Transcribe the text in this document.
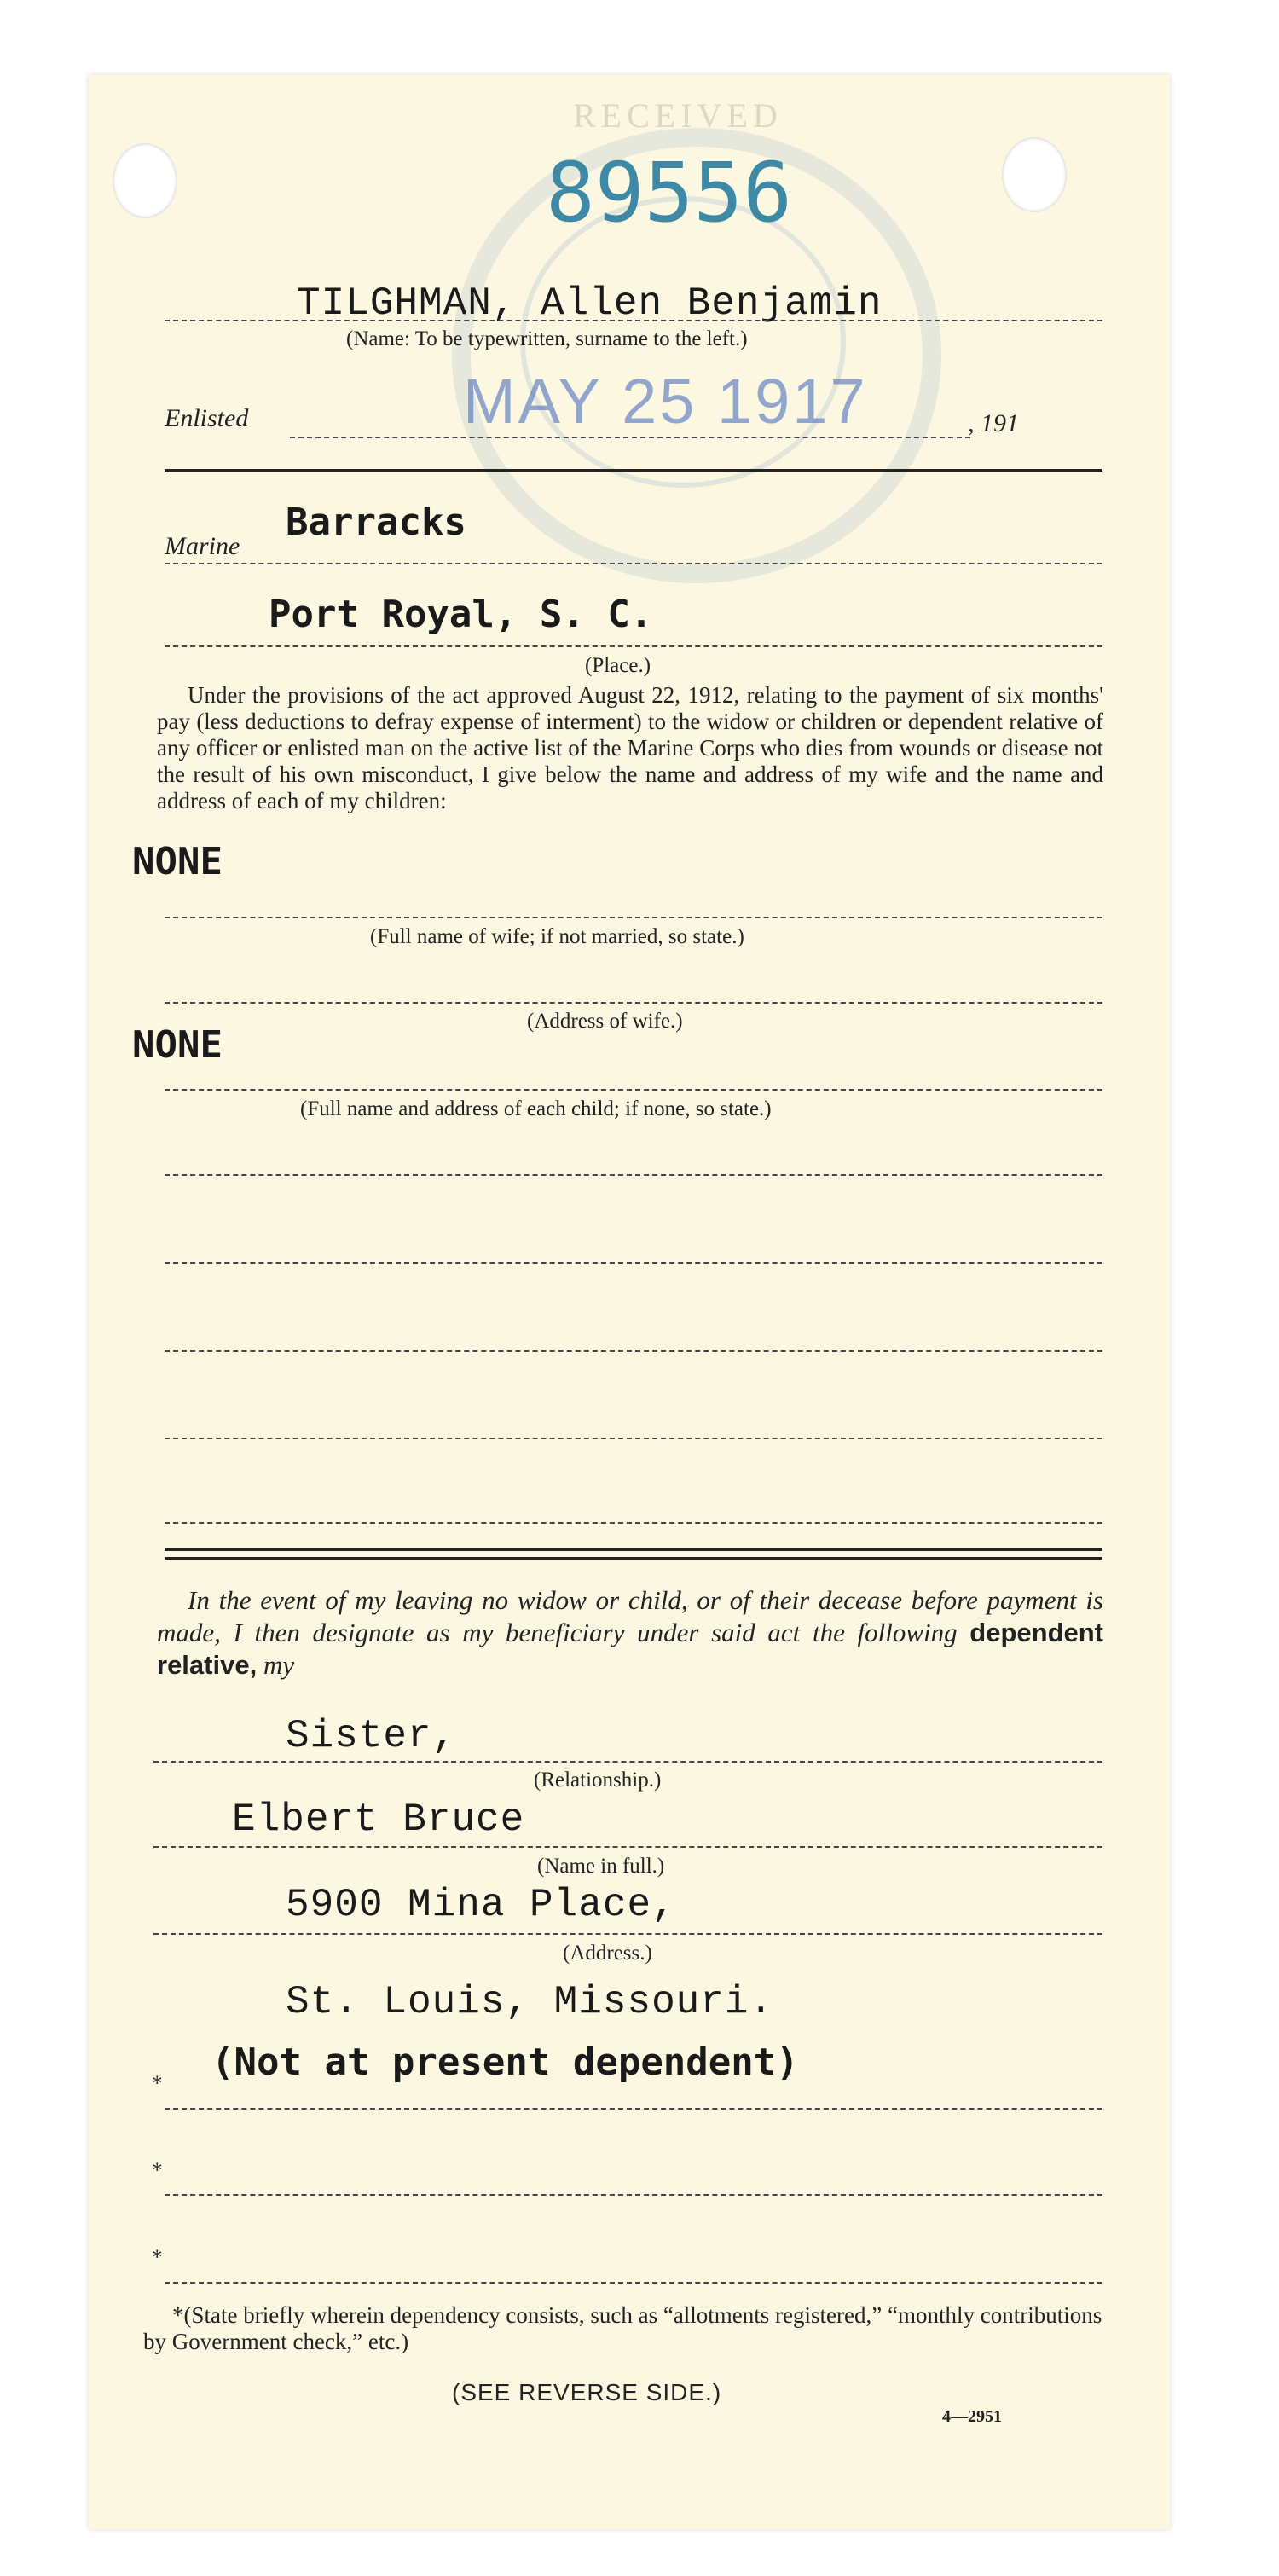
RECEIVED
89556
MAY 25 1917
TILGHMAN, Allen Benjamin
(Name: To be typewritten, surname to the left.)
Enlisted	, 191
Barracks
Marine
Port Royal, S. C.
(Place.)
Under the provisions of the act approved August 22, 1912, relating to the payment of six months' pay (less deductions to defray expense of interment) to the widow or children or dependent relative of any officer or enlisted man on the active list of the Marine Corps who dies from wounds or disease not the result of his own misconduct, I give below the name and address of my wife and the name and address of each of my children:
NONE
(Full name of wife; if not married, so state.)
(Address of wife.)
NONE
(Full name and address of each child; if none, so state.)
In the event of my leaving no widow or child, or of their decease before payment is made, I then designate as my beneficiary under said act the following dependent relative, my
Sister,
(Relationship.)
Elbert Bruce
(Name in full.)
5900 Mina Place,
(Address.)
St. Louis, Missouri.
(Not at present dependent)
*
*
*
*(State briefly wherein dependency consists, such as “allotments registered,” “monthly contributions by Government check,” etc.)
(SEE REVERSE SIDE.)
4—2951
